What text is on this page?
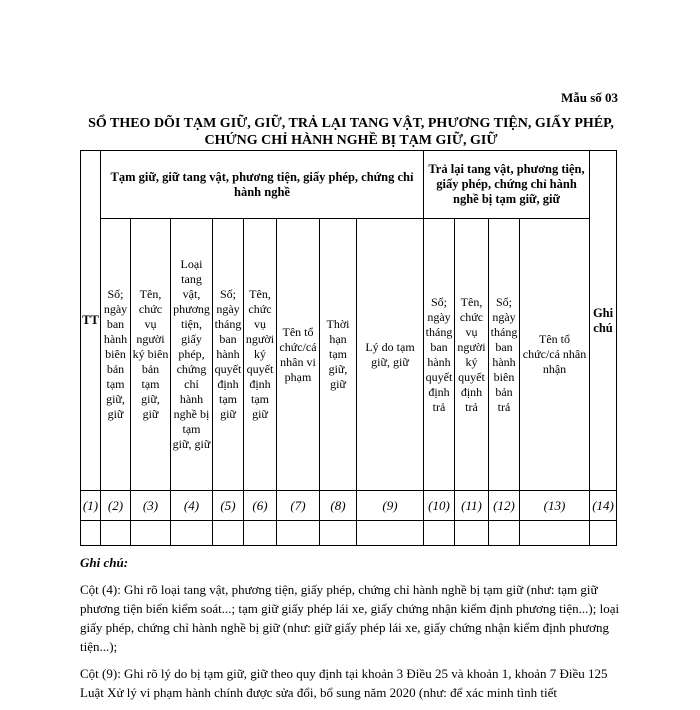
Mẫu số 03
SỔ THEO DÕI TẠM GIỮ, GIỮ, TRẢ LẠI TANG VẬT, PHƯƠNG TIỆN, GIẤY PHÉP,
CHỨNG CHỈ HÀNH NGHỀ BỊ TẠM GIỮ, GIỮ
TT	Tạm giữ, giữ tang vật, phương tiện, giấy phép, chứng chỉ hành nghề								Trả lại tang vật, phương tiện, giấy phép, chứng chỉ hành nghề bị tạm giữ, giữ				Ghi chú
	Số; ngày ban hành biên bản tạm giữ, giữ	Tên, chức vụ người ký biên bản tạm giữ, giữ	Loại tang vật, phương tiện, giấy phép, chứng chỉ hành nghề bị tạm giữ, giữ	Số; ngày tháng ban hành quyết định tạm giữ	Tên, chức vụ người ký quyết định tạm giữ	Tên tổ chức/cá nhân vi phạm	Thời hạn tạm giữ, giữ	Lý do tạm giữ, giữ	Số; ngày tháng ban hành quyết định trả	Tên, chức vụ người ký quyết định trả	Số; ngày tháng ban hành biên bản trả	Tên tổ chức/cá nhân nhận	
(1)	(2)	(3)	(4)	(5)	(6)	(7)	(8)	(9)	(10)	(11)	(12)	(13)	(14)

Ghi chú:

Cột (4): Ghi rõ loại tang vật, phương tiện, giấy phép, chứng chỉ hành nghề bị tạm giữ (như: tạm giữ phương tiện biển kiểm soát...; tạm giữ giấy phép lái xe, giấy chứng nhận kiểm định phương tiện...); loại giấy phép, chứng chỉ hành nghề bị giữ (như: giữ giấy phép lái xe, giấy chứng nhận kiểm định phương tiện...);

Cột (9): Ghi rõ lý do bị tạm giữ, giữ theo quy định tại khoản 3 Điều 25 và khoản 1, khoản 7 Điều 125 Luật Xử lý vi phạm hành chính được sửa đổi, bổ sung năm 2020 (như: để xác minh tình tiết
